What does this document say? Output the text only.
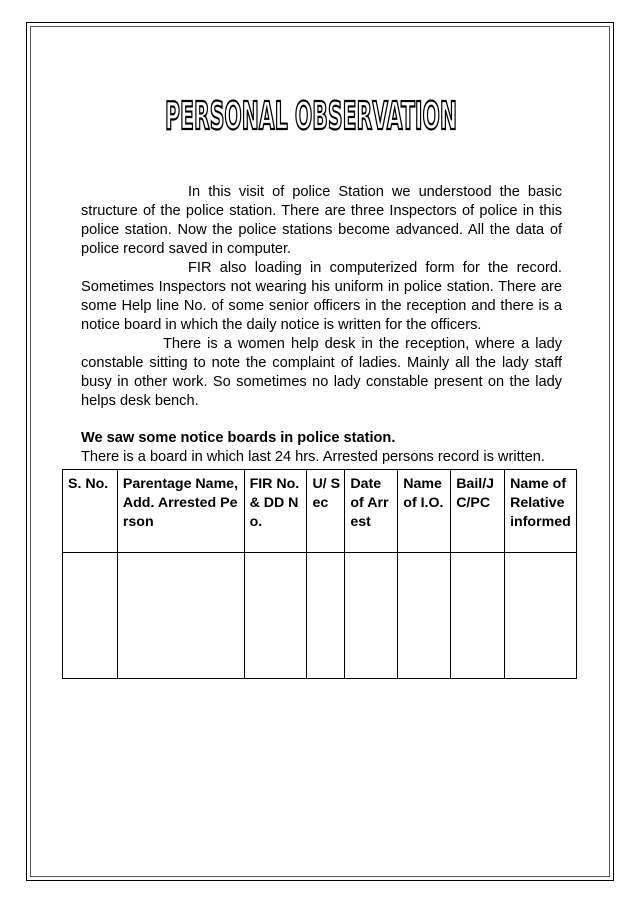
PERSONAL OBSERVATION

In this visit of police Station we understood the basic structure of the police station. There are three Inspectors of police in this police station. Now the police stations become advanced. All the data of police record saved in computer.

FIR also loading in computerized form for the record. Sometimes Inspectors not wearing his uniform in police station. There are some Help line No. of some senior officers in the reception and there is a notice board in which the daily notice is written for the officers.

There is a women help desk in the reception, where a lady constable sitting to note the complaint of ladies. Mainly all the lady staff busy in other work. So sometimes no lady constable present on the lady helps desk bench.

We saw some notice boards in police station.

There is a board in which last 24 hrs. Arrested persons record is written.

S. No.	Parentage Name, Add. Arrested Person	FIR No.& DD No.	U/ Sec	Date of Arrest	Name of I.O.	Bail/J C/PC	Name of Relative informed
